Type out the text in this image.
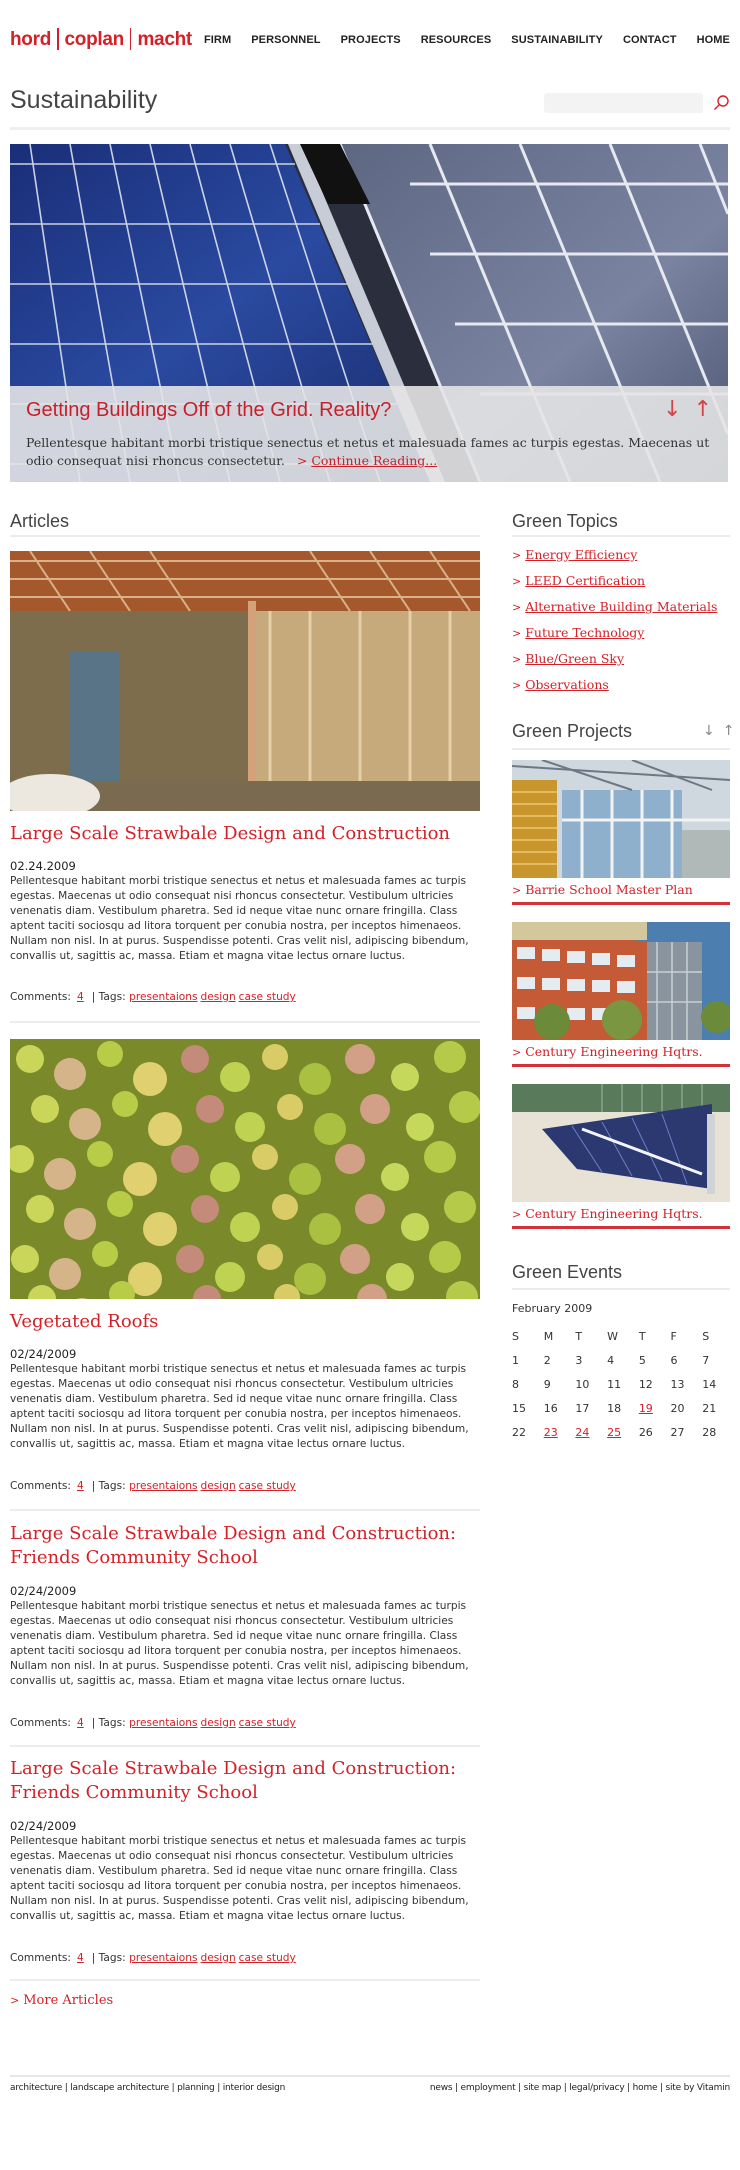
hord coplan macht FIRM PERSONNEL PROJECTS RESOURCES SUSTAINABILITY CONTACT HOME
Sustainability
Getting Buildings Off of the Grid. Reality?	↓ ↑
Pellentesque habitant morbi tristique senectus et netus et malesuada fames ac turpis egestas. Maecenas ut odio consequat nisi rhoncus consectetur. > Continue Reading...
Articles
Large Scale Strawbale Design and Construction
02.24.2009
Pellentesque habitant morbi tristique senectus et netus et malesuada fames ac turpis egestas. Maecenas ut odio consequat nisi rhoncus consectetur. Vestibulum ultricies venenatis diam. Vestibulum pharetra. Sed id neque vitae nunc ornare fringilla. Class aptent taciti sociosqu ad litora torquent per conubia nostra, per inceptos himenaeos. Nullam non nisl. In at purus. Suspendisse potenti. Cras velit nisl, adipiscing bibendum, convallis ut, sagittis ac, massa. Etiam et magna vitae lectus ornare luctus.
Comments: 4 | Tags: presentaions design case study
Vegetated Roofs
02/24/2009
Pellentesque habitant morbi tristique senectus et netus et malesuada fames ac turpis egestas. Maecenas ut odio consequat nisi rhoncus consectetur. Vestibulum ultricies venenatis diam. Vestibulum pharetra. Sed id neque vitae nunc ornare fringilla. Class aptent taciti sociosqu ad litora torquent per conubia nostra, per inceptos himenaeos. Nullam non nisl. In at purus. Suspendisse potenti. Cras velit nisl, adipiscing bibendum, convallis ut, sagittis ac, massa. Etiam et magna vitae lectus ornare luctus.
Comments: 4 | Tags: presentaions design case study
Large Scale Strawbale Design and Construction: Friends Community School
02/24/2009
Pellentesque habitant morbi tristique senectus et netus et malesuada fames ac turpis egestas. Maecenas ut odio consequat nisi rhoncus consectetur. Vestibulum ultricies venenatis diam. Vestibulum pharetra. Sed id neque vitae nunc ornare fringilla. Class aptent taciti sociosqu ad litora torquent per conubia nostra, per inceptos himenaeos. Nullam non nisl. In at purus. Suspendisse potenti. Cras velit nisl, adipiscing bibendum, convallis ut, sagittis ac, massa. Etiam et magna vitae lectus ornare luctus.
Comments: 4 | Tags: presentaions design case study
Large Scale Strawbale Design and Construction: Friends Community School
02/24/2009
Pellentesque habitant morbi tristique senectus et netus et malesuada fames ac turpis egestas. Maecenas ut odio consequat nisi rhoncus consectetur. Vestibulum ultricies venenatis diam. Vestibulum pharetra. Sed id neque vitae nunc ornare fringilla. Class aptent taciti sociosqu ad litora torquent per conubia nostra, per inceptos himenaeos. Nullam non nisl. In at purus. Suspendisse potenti. Cras velit nisl, adipiscing bibendum, convallis ut, sagittis ac, massa. Etiam et magna vitae lectus ornare luctus.
Comments: 4 | Tags: presentaions design case study
> More Articles
Green Topics
> Energy Efficiency
> LEED Certification
> Alternative Building Materials
> Future Technology
> Blue/Green Sky
> Observations
Green Projects	↓ ↑
> Barrie School Master Plan
> Century Engineering Hqtrs.
> Century Engineering Hqtrs.
Green Events
February 2009
S	M	T	W	T	F	S
1	2	3	4	5	6	7
8	9	10	11	12	13	14
15	16	17	18	19	20	21
22	23	24	25	26	27	28
architecture | landscape architecture | planning | interior design	news | employment | site map | legal/privacy | home | site by Vitamin
